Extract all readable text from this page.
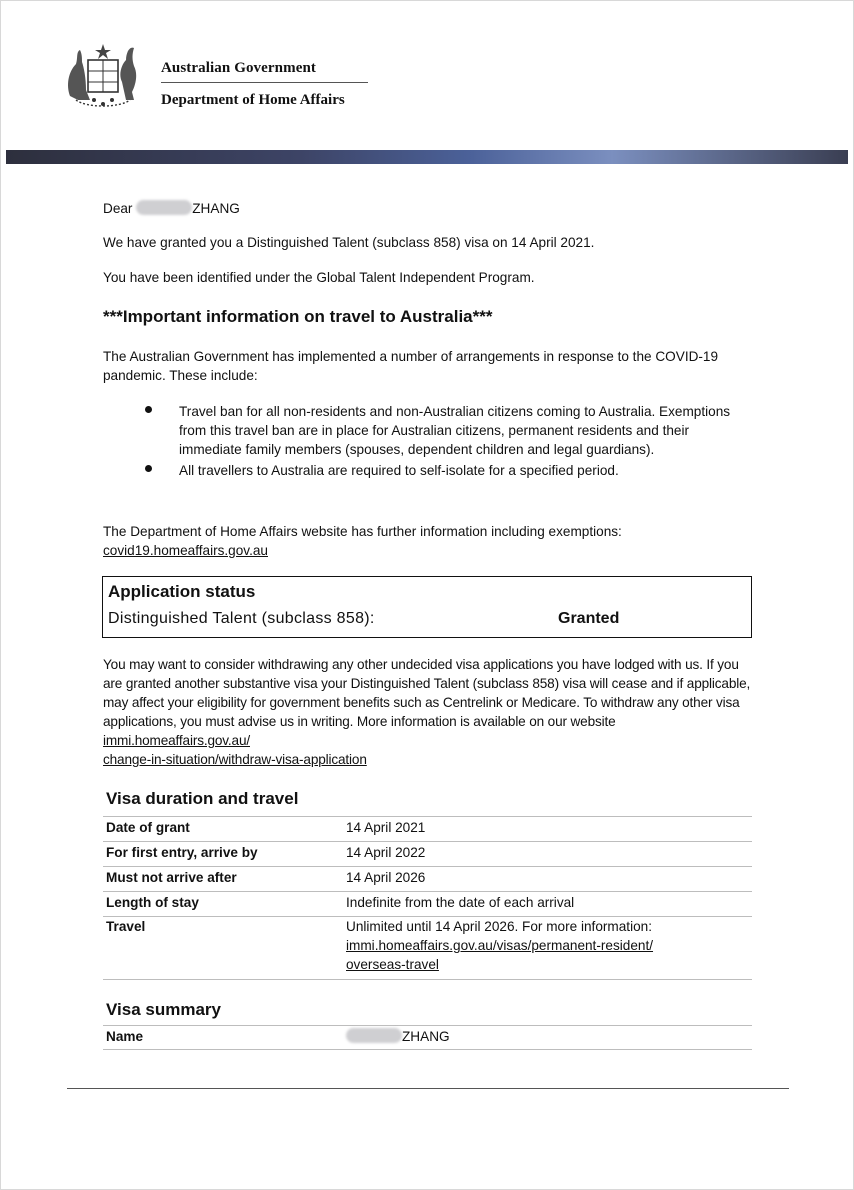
Australian Government
Department of Home Affairs
Dear	ZHANG
We have granted you a Distinguished Talent (subclass 858) visa on 14 April 2021.
You have been identified under the Global Talent Independent Program.
***Important information on travel to Australia***
The Australian Government has implemented a number of arrangements in response to the COVID-19 pandemic. These include:
Travel ban for all non-residents and non-Australian citizens coming to Australia. Exemptions from this travel ban are in place for Australian citizens, permanent residents and their immediate family members (spouses, dependent children and legal guardians).
All travellers to Australia are required to self-isolate for a specified period.
The Department of Home Affairs website has further information including exemptions:
covid19.homeaffairs.gov.au
Application status
Distinguished Talent (subclass 858):	Granted
You may want to consider withdrawing any other undecided visa applications you have lodged with us. If you are granted another substantive visa your Distinguished Talent (subclass 858) visa will cease and if applicable, may affect your eligibility for government benefits such as Centrelink or Medicare. To withdraw any other visa applications, you must advise us in writing. More information is available on our website immi.homeaffairs.gov.au/
change-in-situation/withdraw-visa-application
Visa duration and travel
Date of grant	14 April 2021
For first entry, arrive by	14 April 2022
Must not arrive after	14 April 2026
Length of stay	Indefinite from the date of each arrival
Travel	Unlimited until 14 April 2026. For more information:
immi.homeaffairs.gov.au/visas/permanent-resident/
overseas-travel
Visa summary
Name	ZHANG
